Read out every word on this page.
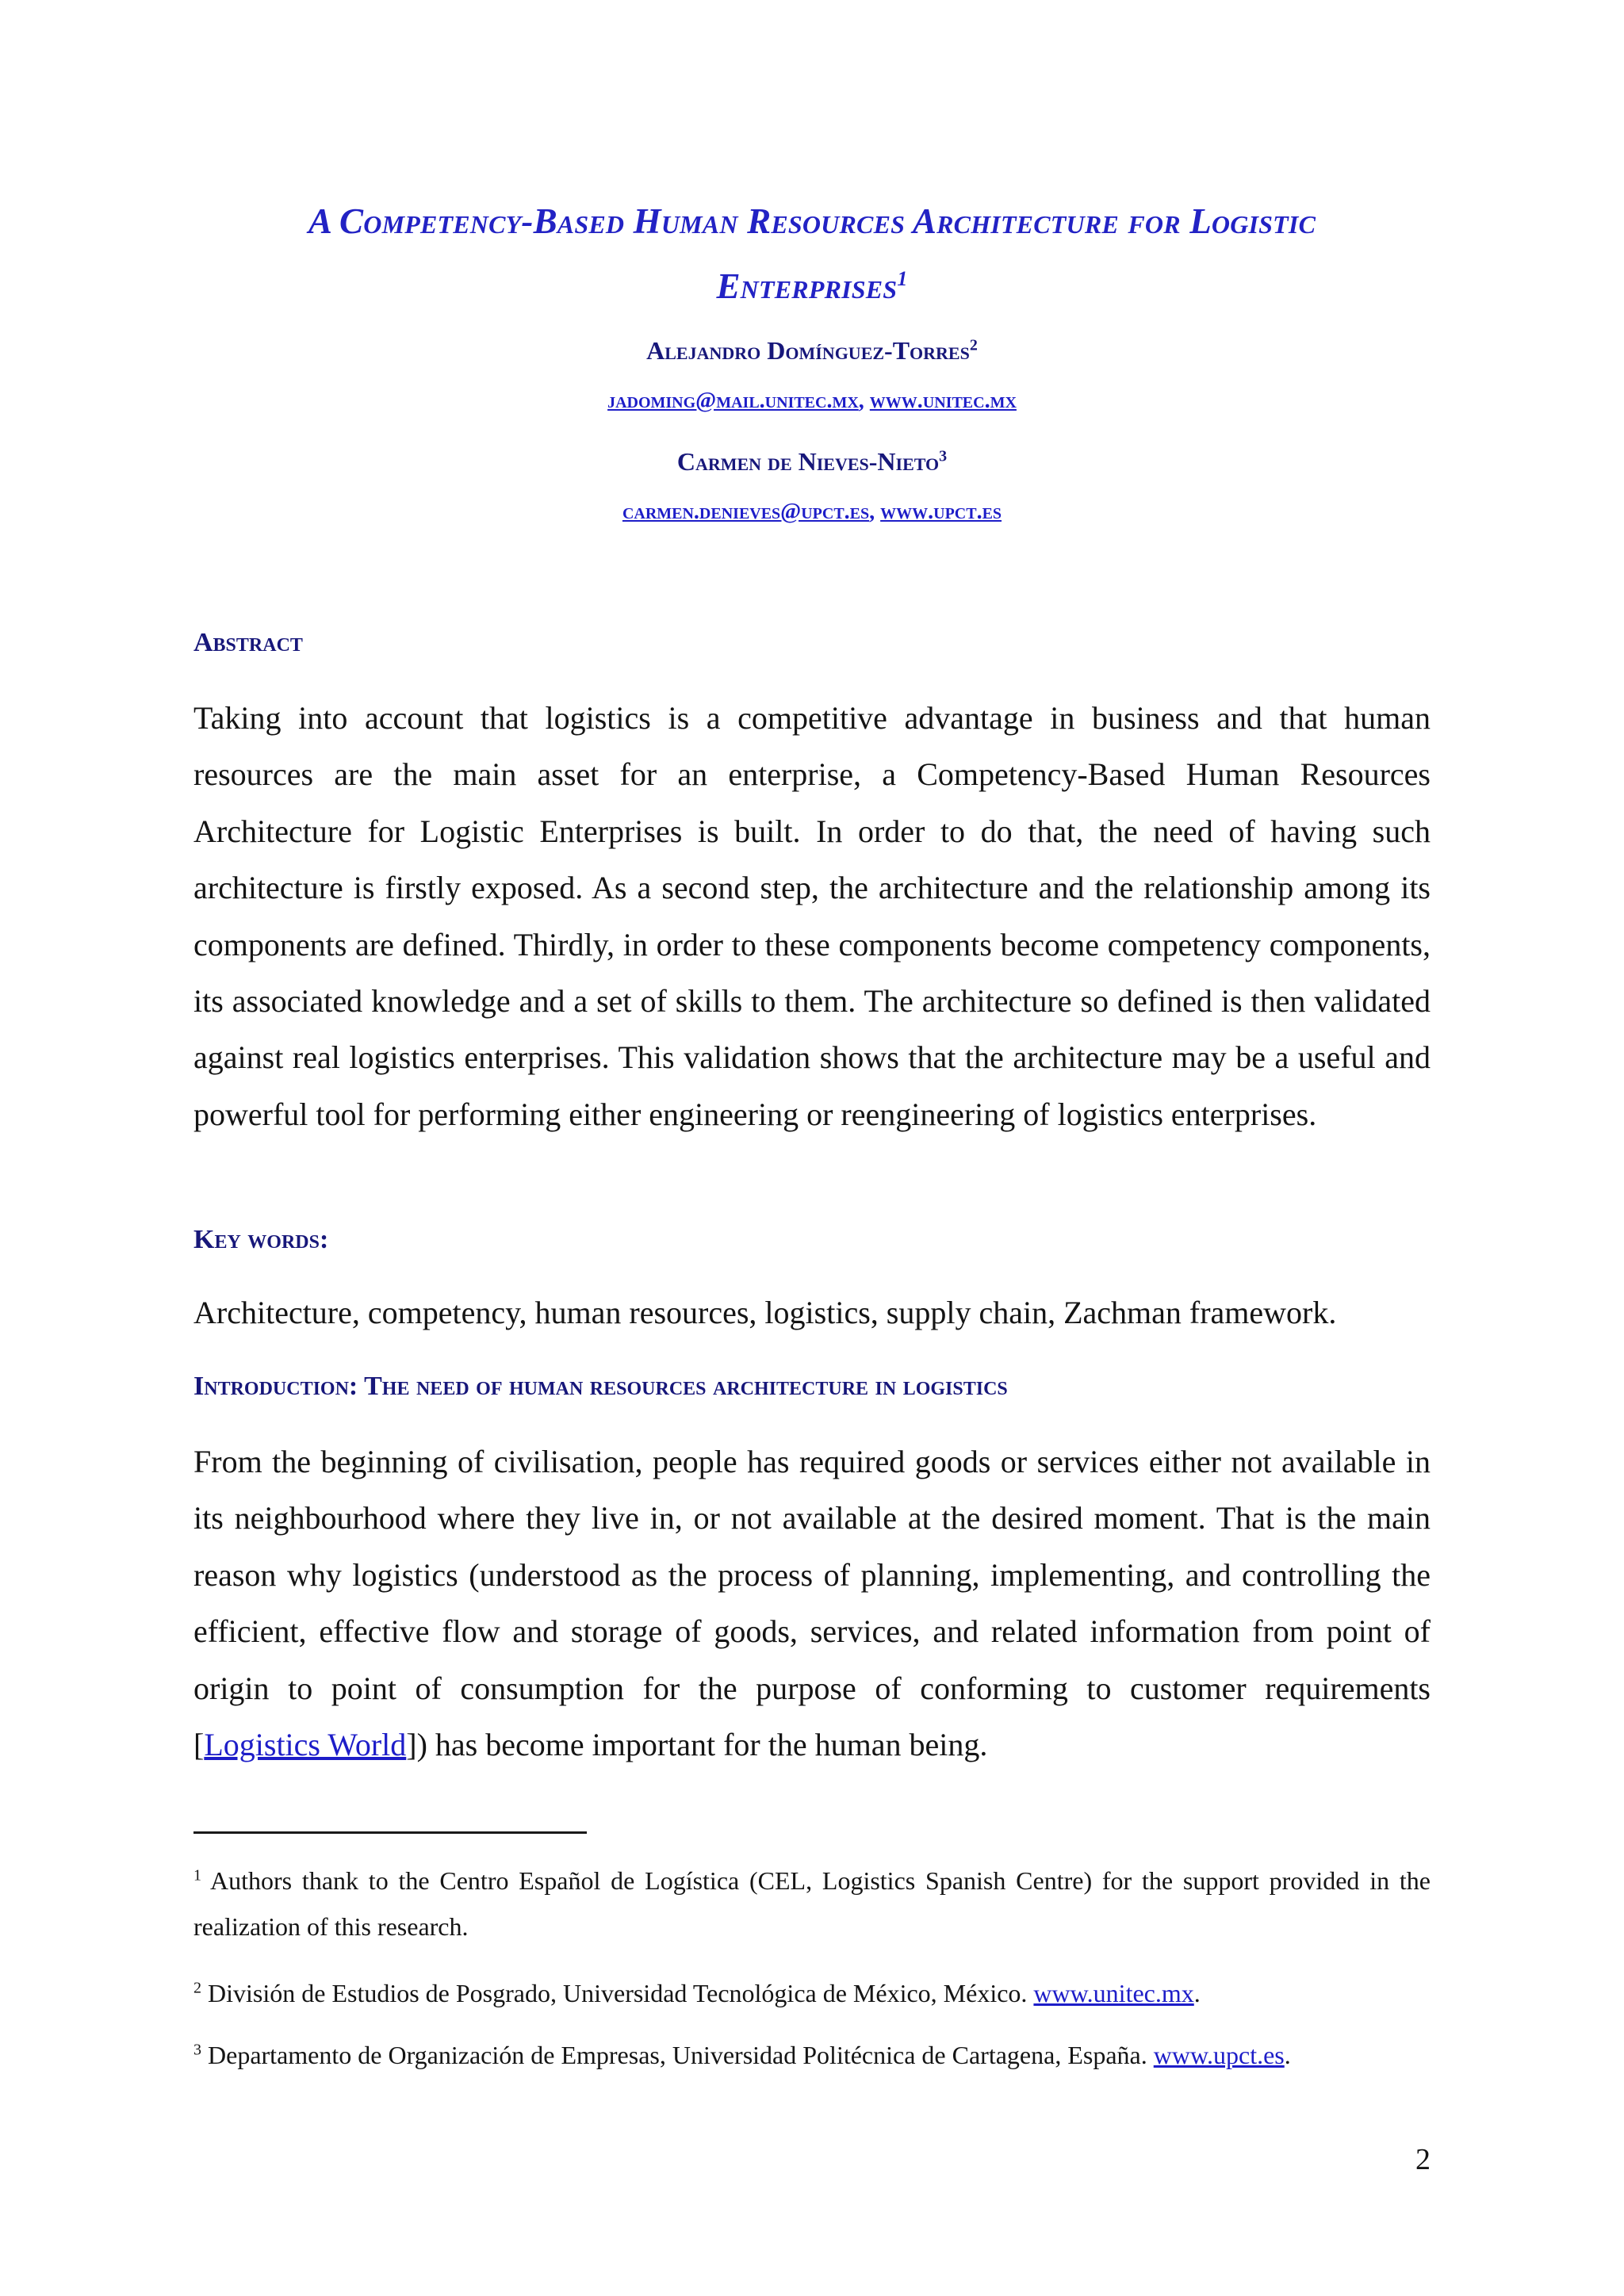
A Competency-Based Human Resources Architecture for Logistic
Enterprises$^1$
Alejandro Domínguez-Torres$^2$
jadoming@mail.unitec.mx, www.unitec.mx
Carmen de Nieves-Nieto$^3$
carmen.denieves@upct.es, www.upct.es
Abstract

Taking into account that logistics is a competitive advantage in business and that human resources are the main asset for an enterprise, a Competency-Based Human Resources Architecture for Logistic Enterprises is built. In order to do that, the need of having such architecture is firstly exposed. As a second step, the architecture and the relationship among its components are defined. Thirdly, in order to these components become competency components, its associated knowledge and a set of skills to them. The architecture so defined is then validated against real logistics enterprises. This validation shows that the architecture may be a useful and powerful tool for performing either engineering or reengineering of logistics enterprises.

Key words:

Architecture, competency, human resources, logistics, supply chain, Zachman framework.

Introduction: The need of human resources architecture in logistics

From the beginning of civilisation, people has required goods or services either not available in its neighbourhood where they live in, or not available at the desired moment. That is the main reason why logistics (understood as the process of planning, implementing, and controlling the efficient, effective flow and storage of goods, services, and related information from point of origin to point of consumption for the purpose of conforming to customer requirements [Logistics World]) has become important for the human being.

$^1$ Authors thank to the Centro Español de Logística (CEL, Logistics Spanish Centre) for the support provided in the realization of this research.

$^2$ División de Estudios de Posgrado, Universidad Tecnológica de México, México. www.unitec.mx.

$^3$ Departamento de Organización de Empresas, Universidad Politécnica de Cartagena, España. www.upct.es.

2
